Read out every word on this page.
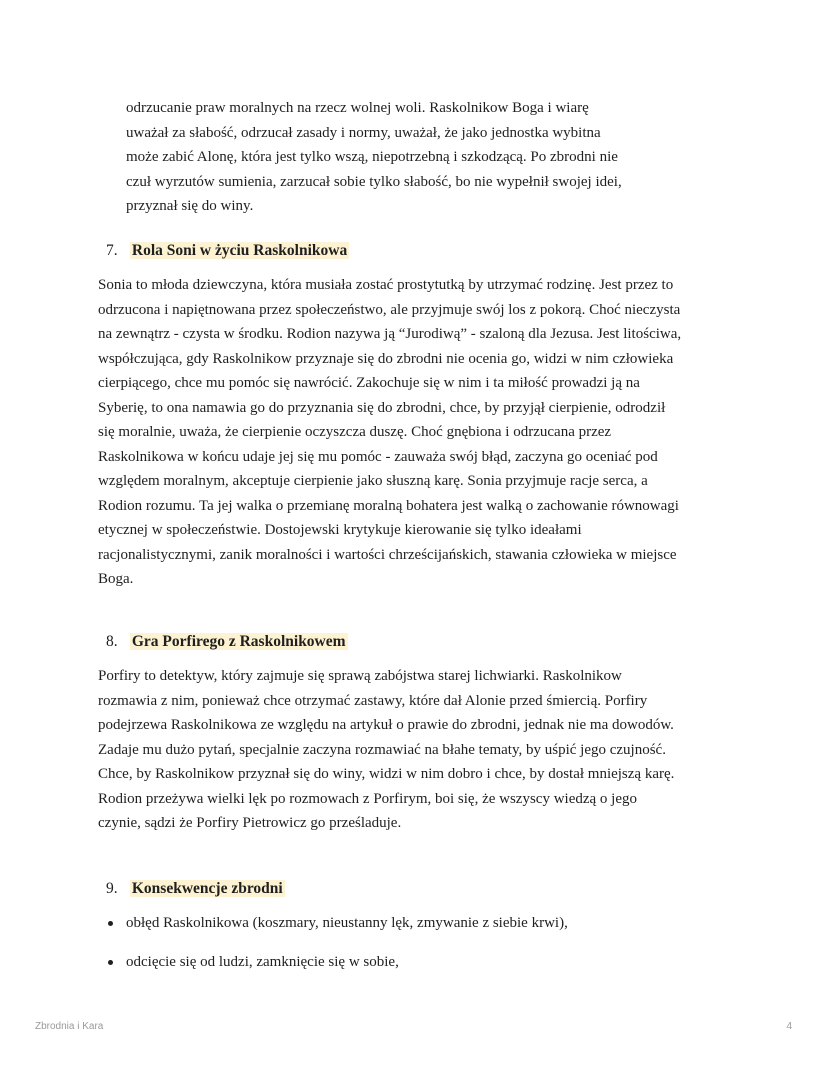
odrzucanie praw moralnych na rzecz wolnej woli. Raskolnikow Boga i wiarę

uważał za słabość, odrzucał zasady i normy, uważał, że jako jednostka wybitna

może zabić Alonę, która jest tylko wszą, niepotrzebną i szkodzącą. Po zbrodni nie

czuł wyrzutów sumienia, zarzucał sobie tylko słabość, bo nie wypełnił swojej idei,

przyznał się do winy.

7. Rola Soni w życiu Raskolnikowa

Sonia to młoda dziewczyna, która musiała zostać prostytutką by utrzymać rodzinę. Jest przez to

odrzucona i napiętnowana przez społeczeństwo, ale przyjmuje swój los z pokorą. Choć nieczysta

na zewnątrz - czysta w środku. Rodion nazywa ją “Jurodiwą” - szaloną dla Jezusa. Jest litościwa,

współczująca, gdy Raskolnikow przyznaje się do zbrodni nie ocenia go, widzi w nim człowieka

cierpiącego, chce mu pomóc się nawrócić. Zakochuje się w nim i ta miłość prowadzi ją na

Syberię, to ona namawia go do przyznania się do zbrodni, chce, by przyjął cierpienie, odrodził

się moralnie, uważa, że cierpienie oczyszcza duszę. Choć gnębiona i odrzucana przez

Raskolnikowa w końcu udaje jej się mu pomóc - zauważa swój błąd, zaczyna go oceniać pod

względem moralnym, akceptuje cierpienie jako słuszną karę. Sonia przyjmuje racje serca, a

Rodion rozumu. Ta jej walka o przemianę moralną bohatera jest walką o zachowanie równowagi

etycznej w społeczeństwie. Dostojewski krytykuje kierowanie się tylko ideałami

racjonalistycznymi, zanik moralności i wartości chrześcijańskich, stawania człowieka w miejsce

Boga.

8. Gra Porfirego z Raskolnikowem

Porfiry to detektyw, który zajmuje się sprawą zabójstwa starej lichwiarki. Raskolnikow

rozmawia z nim, ponieważ chce otrzymać zastawy, które dał Alonie przed śmiercią. Porfiry

podejrzewa Raskolnikowa ze względu na artykuł o prawie do zbrodni, jednak nie ma dowodów.

Zadaje mu dużo pytań, specjalnie zaczyna rozmawiać na błahe tematy, by uśpić jego czujność.

Chce, by Raskolnikow przyznał się do winy, widzi w nim dobro i chce, by dostał mniejszą karę.

Rodion przeżywa wielki lęk po rozmowach z Porfirym, boi się, że wszyscy wiedzą o jego

czynie, sądzi że Porfiry Pietrowicz go prześladuje.

9. Konsekwencje zbrodni
obłęd Raskolnikowa (koszmary, nieustanny lęk, zmywanie z siebie krwi),
odcięcie się od ludzi, zamknięcie się w sobie,
Zbrodnia i Kara	4
